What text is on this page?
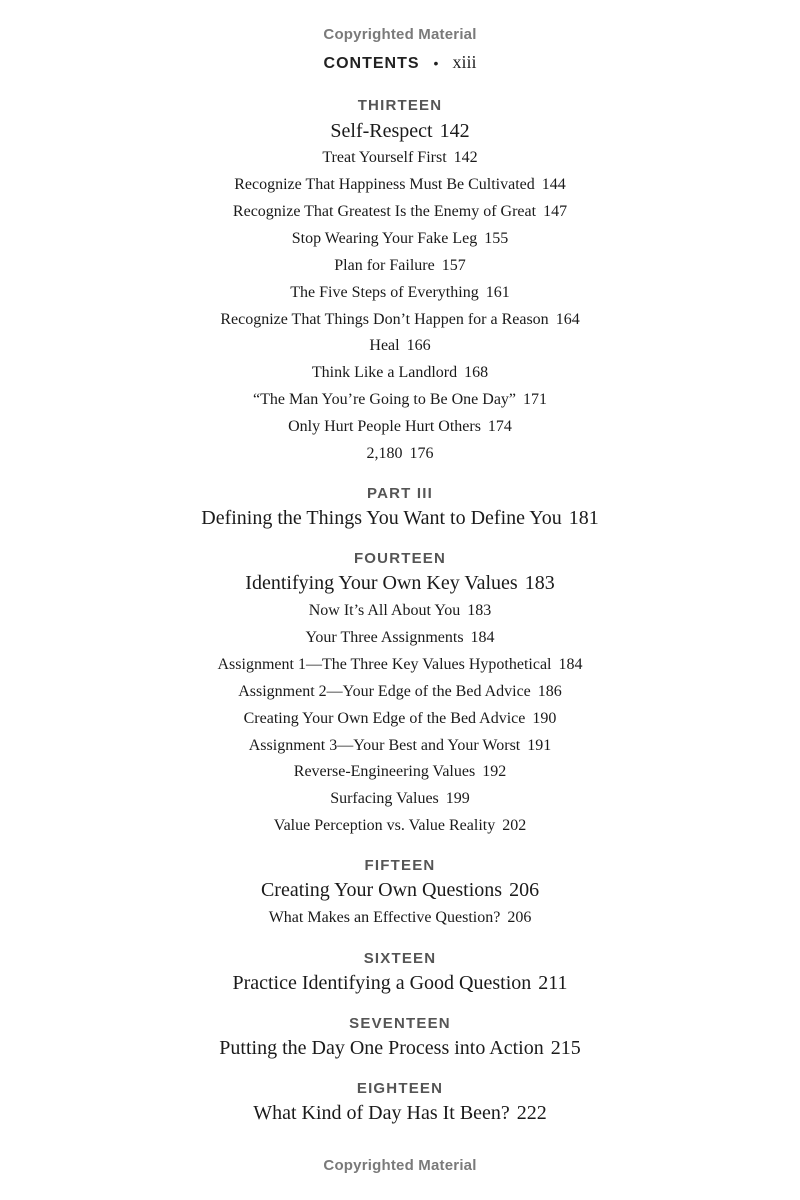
Copyrighted Material
CONTENTS • xiii
THIRTEEN
Self-Respect 142
Treat Yourself First 142
Recognize That Happiness Must Be Cultivated 144
Recognize That Greatest Is the Enemy of Great 147
Stop Wearing Your Fake Leg 155
Plan for Failure 157
The Five Steps of Everything 161
Recognize That Things Don’t Happen for a Reason 164
Heal 166
Think Like a Landlord 168
“The Man You’re Going to Be One Day” 171
Only Hurt People Hurt Others 174
2,180 176
PART III
Defining the Things You Want to Define You 181
FOURTEEN
Identifying Your Own Key Values 183
Now It’s All About You 183
Your Three Assignments 184
Assignment 1—The Three Key Values Hypothetical 184
Assignment 2—Your Edge of the Bed Advice 186
Creating Your Own Edge of the Bed Advice 190
Assignment 3—Your Best and Your Worst 191
Reverse-Engineering Values 192
Surfacing Values 199
Value Perception vs. Value Reality 202
FIFTEEN
Creating Your Own Questions 206
What Makes an Effective Question? 206
SIXTEEN
Practice Identifying a Good Question 211
SEVENTEEN
Putting the Day One Process into Action 215
EIGHTEEN
What Kind of Day Has It Been? 222
Copyrighted Material
